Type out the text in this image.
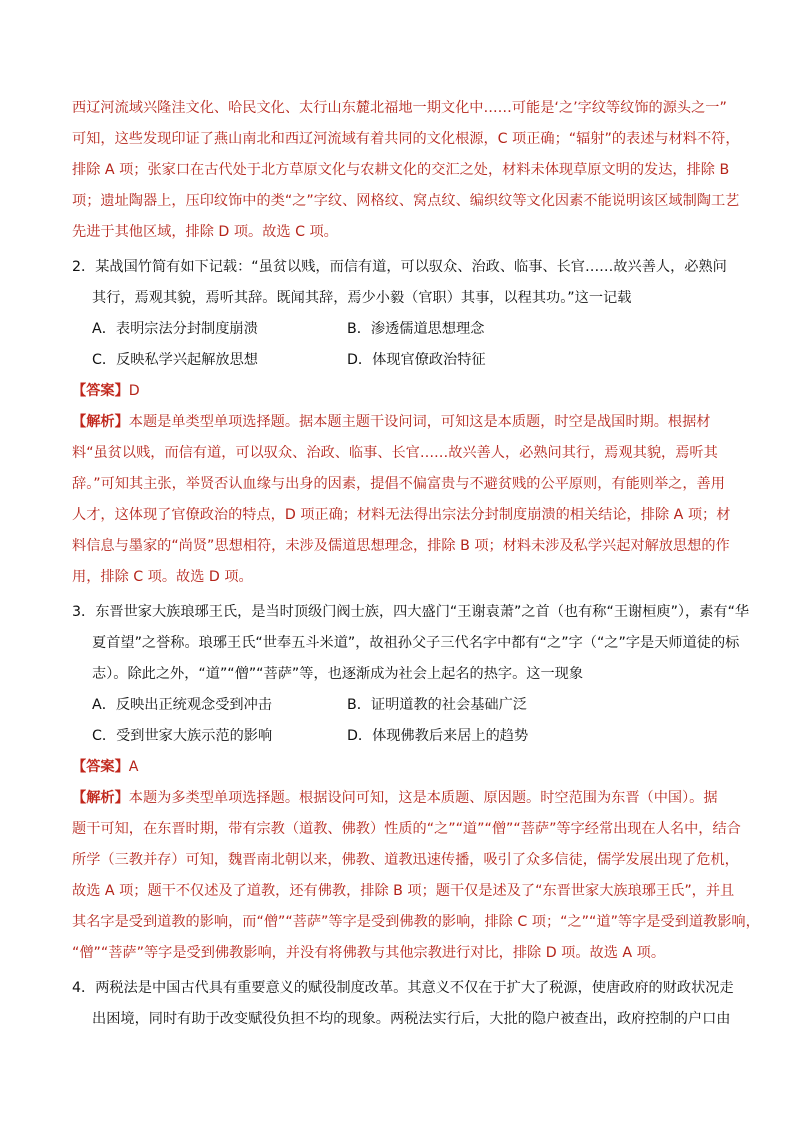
西辽河流域兴隆洼文化、哈民文化、太行山东麓北福地一期文化中……可能是‘之’字纹等纹饰的源头之一”
可知，这些发现印证了燕山南北和西辽河流域有着共同的文化根源，C 项正确；“辐射”的表述与材料不符，
排除 A 项；张家口在古代处于北方草原文化与农耕文化的交汇之处，材料未体现草原文明的发达，排除 B
项；遗址陶器上，压印纹饰中的类“之”字纹、网格纹、窝点纹、编织纹等文化因素不能说明该区域制陶工艺
先进于其他区域，排除 D 项。故选 C 项。
2．某战国竹简有如下记载：“虽贫以贱，而信有道，可以驭众、治政、临事、长官……故兴善人，必熟问
其行，焉观其貌，焉听其辞。既闻其辞，焉少小毅（官职）其事，以程其功。”这一记载
A．表明宗法分封制度崩溃	B．渗透儒道思想理念
C．反映私学兴起解放思想	D．体现官僚政治特征
【答案】D
【解析】本题是单类型单项选择题。据本题主题干设问词，可知这是本质题，时空是战国时期。根据材
料“虽贫以贱，而信有道，可以驭众、治政、临事、长官……故兴善人，必熟问其行，焉观其貌，焉听其
辞。”可知其主张，举贤否认血缘与出身的因素，提倡不偏富贵与不避贫贱的公平原则，有能则举之，善用
人才，这体现了官僚政治的特点，D 项正确；材料无法得出宗法分封制度崩溃的相关结论，排除 A 项；材
料信息与墨家的“尚贤”思想相符，未涉及儒道思想理念，排除 B 项；材料未涉及私学兴起对解放思想的作
用，排除 C 项。故选 D 项。
3．东晋世家大族琅琊王氏，是当时顶级门阀士族，四大盛门“王谢袁萧”之首（也有称“王谢桓庾”），素有“华
夏首望”之誉称。琅琊王氏“世奉五斗米道”，故祖孙父子三代名字中都有“之”字（“之”字是天师道徒的标
志）。除此之外，“道”“僧”“菩萨”等，也逐渐成为社会上起名的热字。这一现象
A．反映出正统观念受到冲击	B．证明道教的社会基础广泛
C．受到世家大族示范的影响	D．体现佛教后来居上的趋势
【答案】A
【解析】本题为多类型单项选择题。根据设问可知，这是本质题、原因题。时空范围为东晋（中国）。据
题干可知，在东晋时期，带有宗教（道教、佛教）性质的“之”“道”“僧”“菩萨”等字经常出现在人名中，结合
所学（三教并存）可知，魏晋南北朝以来，佛教、道教迅速传播，吸引了众多信徒，儒学发展出现了危机，
故选 A 项；题干不仅述及了道教，还有佛教，排除 B 项；题干仅是述及了“东晋世家大族琅琊王氏”，并且
其名字是受到道教的影响，而“僧”“菩萨”等字是受到佛教的影响，排除 C 项；“之”“道”等字是受到道教影响，
“僧”“菩萨”等字是受到佛教影响，并没有将佛教与其他宗教进行对比，排除 D 项。故选 A 项。
4．两税法是中国古代具有重要意义的赋役制度改革。其意义不仅在于扩大了税源，使唐政府的财政状况走
出困境，同时有助于改变赋役负担不均的现象。两税法实行后，大批的隐户被查出，政府控制的户口由
